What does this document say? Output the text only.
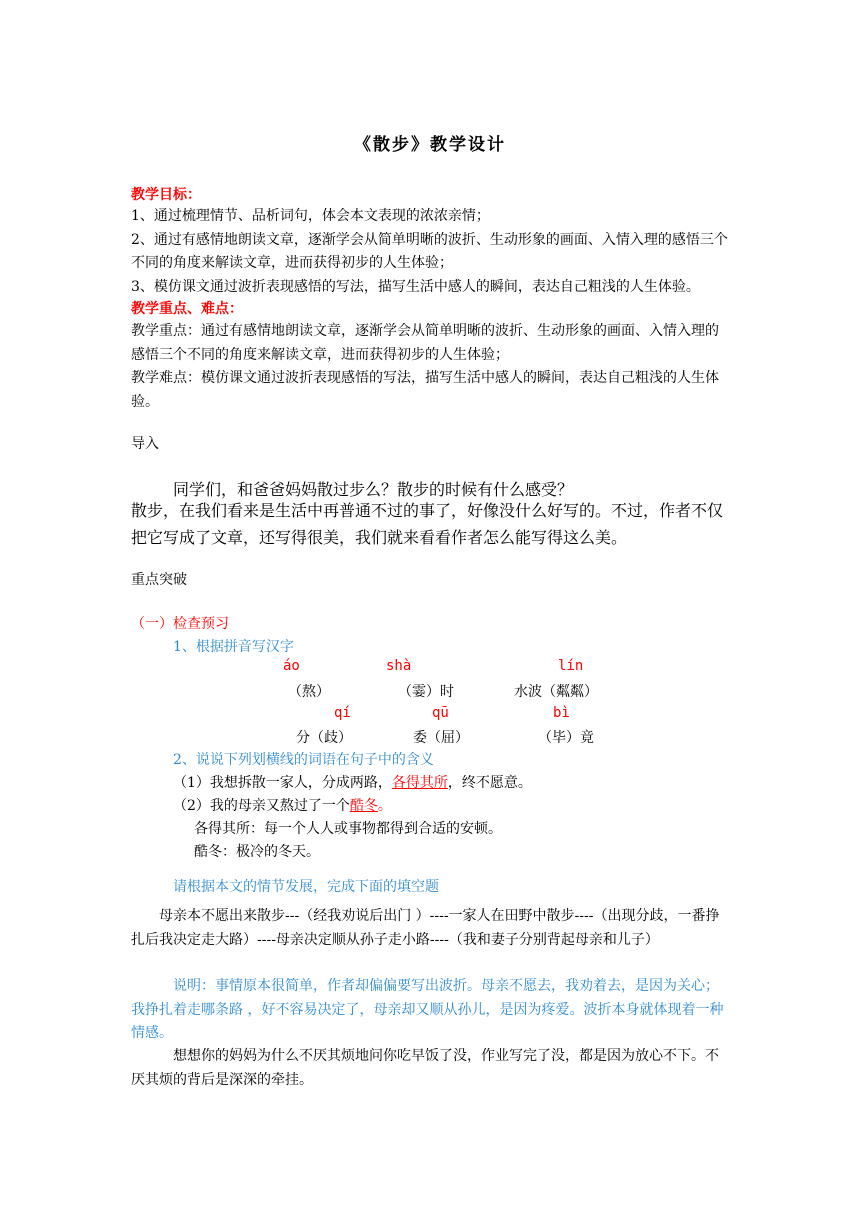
《散步》教学设计
教学目标：
1、通过梳理情节、品析词句，体会本文表现的浓浓亲情；
2、通过有感情地朗读文章，逐渐学会从简单明晰的波折、生动形象的画面、入情入理的感悟三个不同的角度来解读文章，进而获得初步的人生体验；
3、模仿课文通过波折表现感悟的写法，描写生活中感人的瞬间，表达自己粗浅的人生体验。
教学重点、难点：
教学重点：通过有感情地朗读文章，逐渐学会从简单明晰的波折、生动形象的画面、入情入理的感悟三个不同的角度来解读文章，进而获得初步的人生体验；
教学难点：模仿课文通过波折表现感悟的写法，描写生活中感人的瞬间，表达自己粗浅的人生体验。
导入
同学们，和爸爸妈妈散过步么？散步的时候有什么感受？
散步，在我们看来是生活中再普通不过的事了，好像没什么好写的。不过，作者不仅把它写成了文章，还写得很美，我们就来看看作者怎么能写得这么美。
重点突破
（一）检查预习
1、根据拼音写汉字
áo	shà	lín
（熬）	（霎）时	水波（粼粼）
qí	qū	bì
分（歧）	委（屈）	（毕）竟
2、说说下列划横线的词语在句子中的含义
（1）我想拆散一家人，分成两路，各得其所，终不愿意。
（2）我的母亲又熬过了一个酷冬。
各得其所：每一个人人或事物都得到合适的安顿。
酷冬：极冷的冬天。
请根据本文的情节发展，完成下面的填空题
母亲本不愿出来散步---（经我劝说后出门 ）----一家人在田野中散步----（出现分歧，一番挣扎后我决定走大路）----母亲决定顺从孙子走小路----（我和妻子分别背起母亲和儿子）
说明：事情原本很简单，作者却偏偏要写出波折。母亲不愿去，我劝着去，是因为关心；我挣扎着走哪条路 ，好不容易决定了，母亲却又顺从孙儿，是因为疼爱。波折本身就体现着一种情感。
想想你的妈妈为什么不厌其烦地问你吃早饭了没，作业写完了没，都是因为放心不下。不厌其烦的背后是深深的牵挂。
